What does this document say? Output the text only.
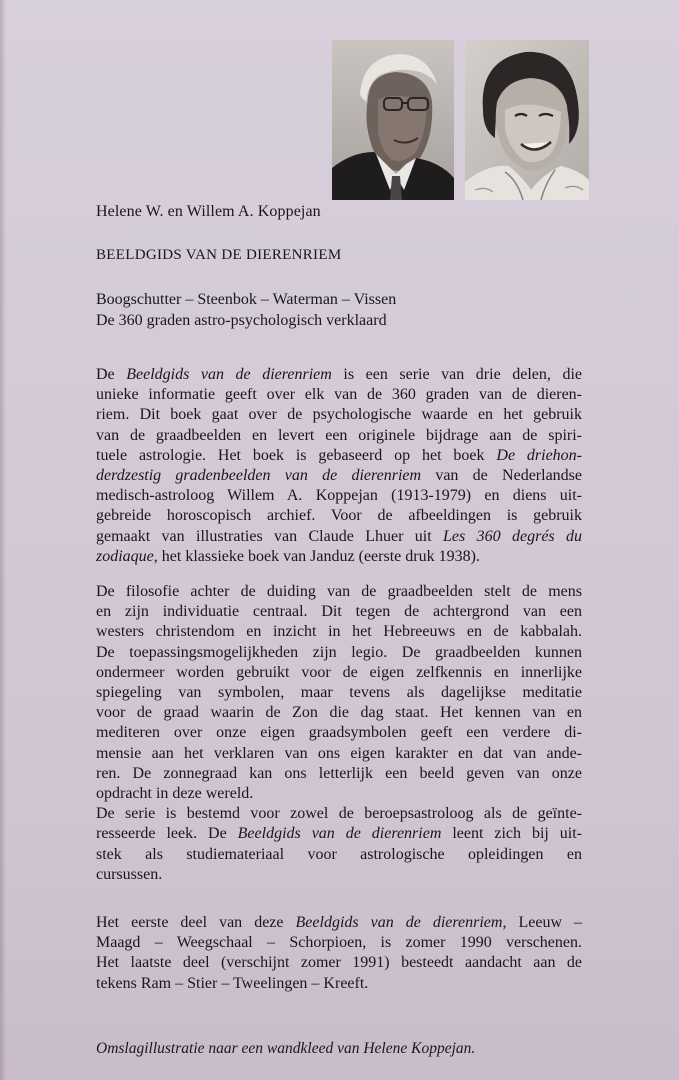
Helene W. en Willem A. Koppejan
BEELDGIDS VAN DE DIERENRIEM
Boogschutter – Steenbok – Waterman – Vissen
De 360 graden astro-psychologisch verklaard
De Beeldgids van de dierenriem is een serie van drie delen, die
unieke informatie geeft over elk van de 360 graden van de dieren-
riem. Dit boek gaat over de psychologische waarde en het gebruik
van de graadbeelden en levert een originele bijdrage aan de spiri-
tuele astrologie. Het boek is gebaseerd op het boek De driehon-
derdzestig gradenbeelden van de dierenriem van de Nederlandse
medisch-astroloog Willem A. Koppejan (1913-1979) en diens uit-
gebreide horoscopisch archief. Voor de afbeeldingen is gebruik
gemaakt van illustraties van Claude Lhuer uit Les 360 degrés du
zodiaque, het klassieke boek van Janduz (eerste druk 1938).
De filosofie achter de duiding van de graadbeelden stelt de mens
en zijn individuatie centraal. Dit tegen de achtergrond van een
westers christendom en inzicht in het Hebreeuws en de kabbalah.
De toepassingsmogelijkheden zijn legio. De graadbeelden kunnen
ondermeer worden gebruikt voor de eigen zelfkennis en innerlijke
spiegeling van symbolen, maar tevens als dagelijkse meditatie
voor de graad waarin de Zon die dag staat. Het kennen van en
mediteren over onze eigen graadsymbolen geeft een verdere di-
mensie aan het verklaren van ons eigen karakter en dat van ande-
ren. De zonnegraad kan ons letterlijk een beeld geven van onze
opdracht in deze wereld.
De serie is bestemd voor zowel de beroepsastroloog als de geïnte-
resseerde leek. De Beeldgids van de dierenriem leent zich bij uit-
stek als studiemateriaal voor astrologische opleidingen en
cursussen.
Het eerste deel van deze Beeldgids van de dierenriem, Leeuw –
Maagd – Weegschaal – Schorpioen, is zomer 1990 verschenen.
Het laatste deel (verschijnt zomer 1991) besteedt aandacht aan de
tekens Ram – Stier – Tweelingen – Kreeft.
Omslagillustratie naar een wandkleed van Helene Koppejan.
